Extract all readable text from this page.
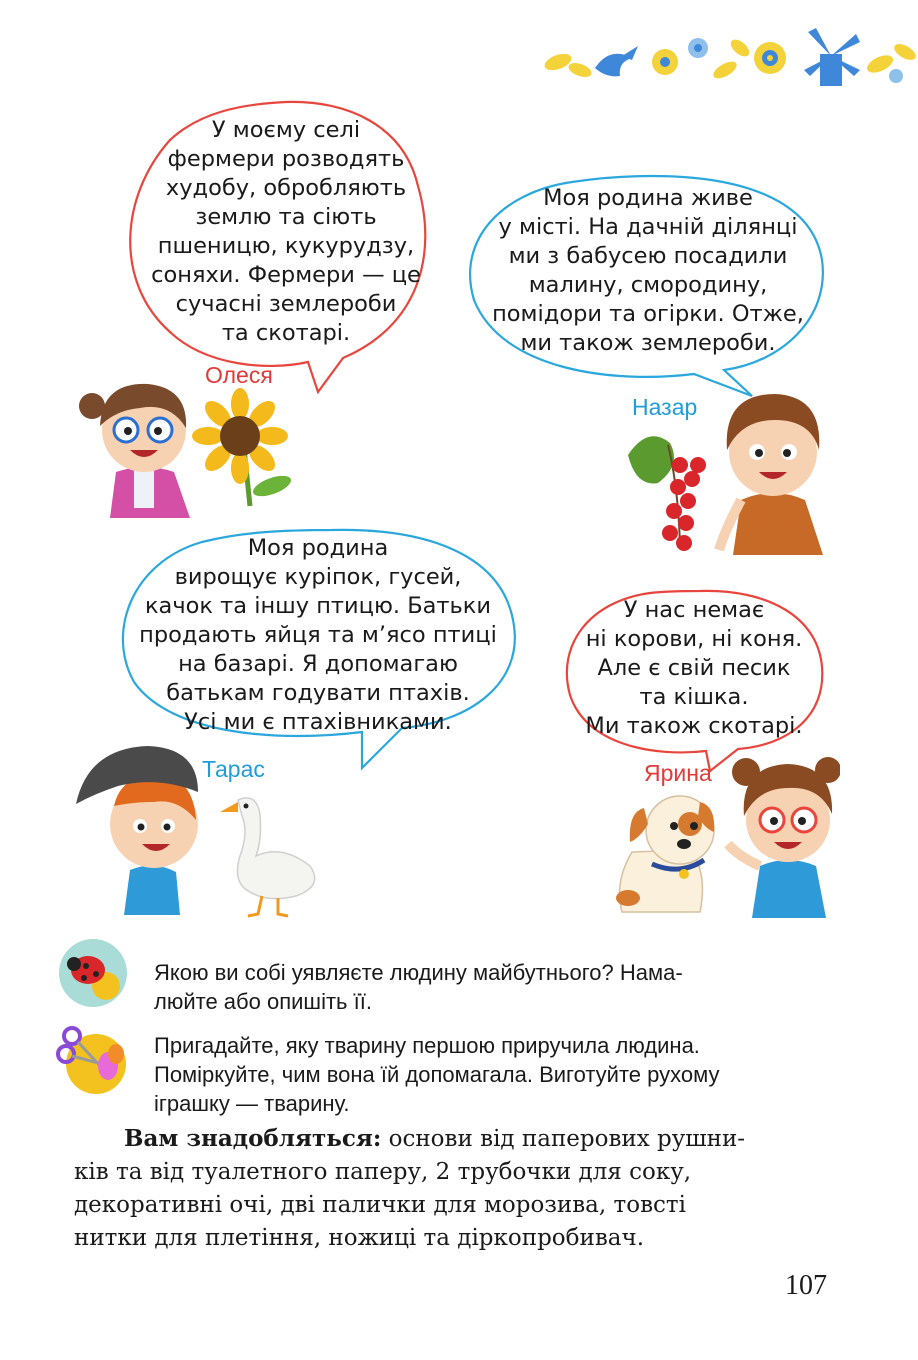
У моєму селі
фермери розводять
худобу, обробляють
землю та сіють
пшеницю, кукурудзу,
соняхи. Фермери — це
сучасні землероби
та скотарі.
Олеся
Моя родина живе
у місті. На дачній ділянці
ми з бабусею посадили
малину, смородину,
помідори та огірки. Отже,
ми також землероби.
Назар
Моя родина
вирощує куріпок, гусей,
качок та іншу птицю. Батьки
продають яйця та м’ясо птиці
на базарі. Я допомагаю
батькам годувати птахів.
Усі ми є птахівниками.
Тарас
У нас немає
ні корови, ні коня.
Але є свій песик
та кішка.
Ми також скотарі.
Ярина
Якою ви собі уявляєте людину майбутнього? Нама-
люйте або опишіть її.
Пригадайте, яку тварину першою приручила людина.
Поміркуйте, чим вона їй допомагала. Виготуйте рухому
іграшку — тварину.
Вам знадобляться: основи від паперових рушни-
ків та від туалетного паперу, 2 трубочки для соку,
декоративні очі, дві палички для морозива, товсті
нитки для плетіння, ножиці та діркопробивач.
107
